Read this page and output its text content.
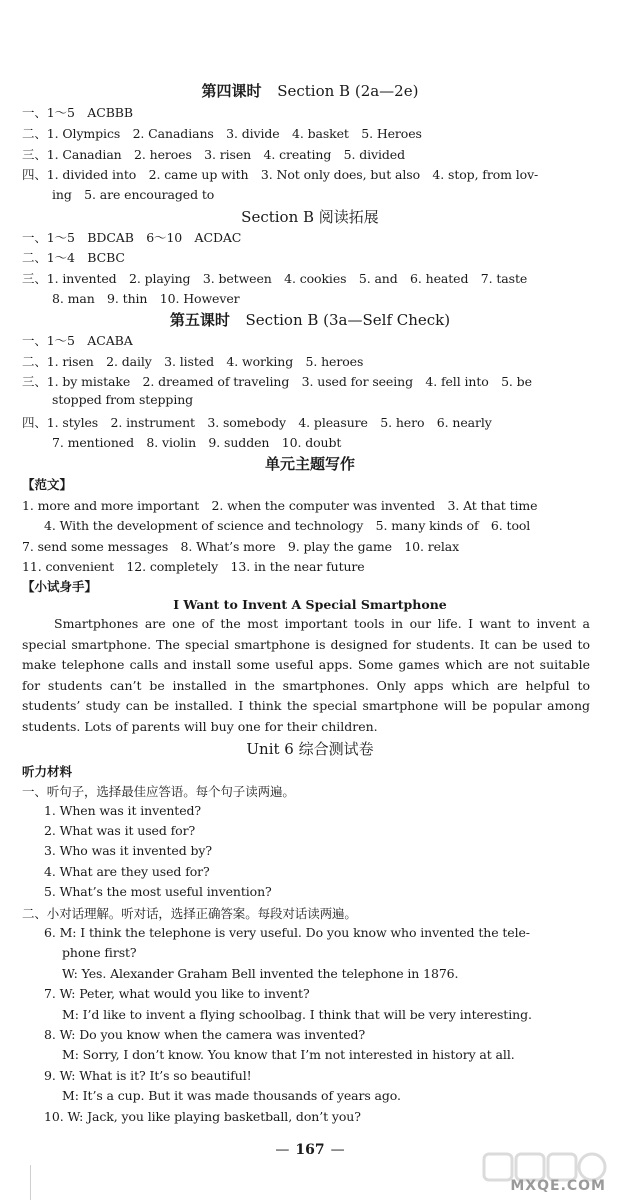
第四课时 Section B (2a—2e)
一、1～5　ACBBB
二、1. Olympics　2. Canadians　3. divide　4. basket　5. Heroes
三、1. Canadian　2. heroes　3. risen　4. creating　5. divided
四、1. divided into　2. came up with　3. Not only does, but also　4. stop, from lov-
ing　5. are encouraged to
Section B 阅读拓展
一、1～5　BDCAB　6～10　ACDAC
二、1～4　BCBC
三、1. invented　2. playing　3. between　4. cookies　5. and　6. heated　7. taste
8. man　9. thin　10. However
第五课时 Section B (3a—Self Check)
一、1～5　ACABA
二、1. risen　2. daily　3. listed　4. working　5. heroes
三、1. by mistake　2. dreamed of traveling　3. used for seeing　4. fell into　5. be
stopped from stepping
四、1. styles　2. instrument　3. somebody　4. pleasure　5. hero　6. nearly
7. mentioned　8. violin　9. sudden　10. doubt
单元主题写作
【范文】
1. more and more important　2. when the computer was invented　3. At that time
4. With the development of science and technology　5. many kinds of　6. tool
7. send some messages　8. What’s more　9. play the game　10. relax
11. convenient　12. completely　13. in the near future
【小试身手】
I Want to Invent A Special Smartphone
Smartphones are one of the most important tools in our life. I want to invent a special smartphone. The special smartphone is designed for students. It can be used to make telephone calls and install some useful apps. Some games which are not suitable for students can’t be installed in the smartphones. Only apps which are helpful to students’ study can be installed. I think the special smartphone will be popular among students. Lots of parents will buy one for their children.
Unit 6 综合测试卷
听力材料
一、听句子，选择最佳应答语。每个句子读两遍。
1. When was it invented?
2. What was it used for?
3. Who was it invented by?
4. What are they used for?
5. What’s the most useful invention?
二、小对话理解。听对话，选择正确答案。每段对话读两遍。
6. M: I think the telephone is very useful. Do you know who invented the tele-
phone first?
W: Yes. Alexander Graham Bell invented the telephone in 1876.
7. W: Peter, what would you like to invent?
M: I’d like to invent a flying schoolbag. I think that will be very interesting.
8. W: Do you know when the camera was invented?
M: Sorry, I don’t know. You know that I’m not interested in history at all.
9. W: What is it? It’s so beautiful!
M: It’s a cup. But it was made thousands of years ago.
10. W: Jack, you like playing basketball, don’t you?
— 167 —
MXQE.COM
